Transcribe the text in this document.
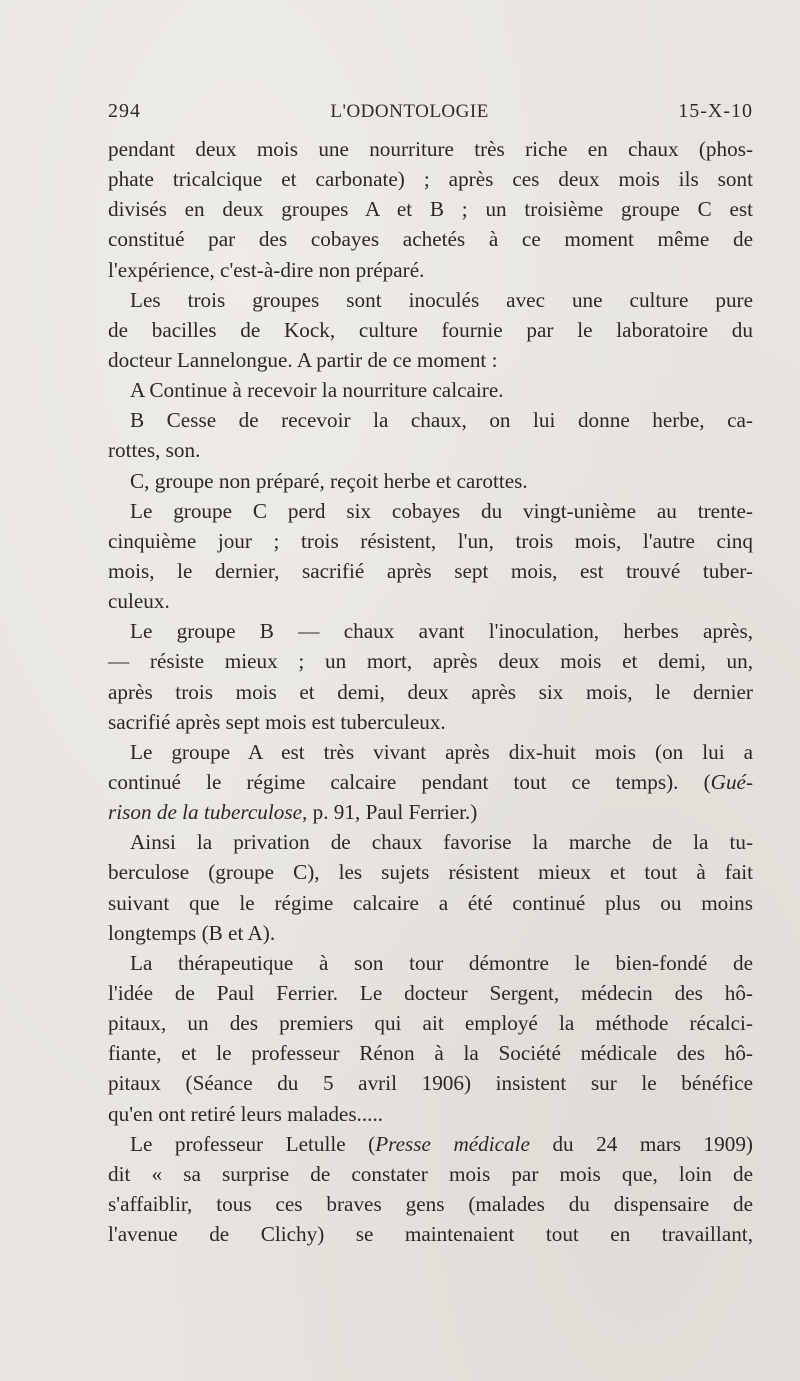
294	L'ODONTOLOGIE	15-X-10
pendant deux mois une nourriture très riche en chaux (phos-
phate tricalcique et carbonate) ; après ces deux mois ils sont
divisés en deux groupes A et B ; un troisième groupe C est
constitué par des cobayes achetés à ce moment même de
l'expérience, c'est-à-dire non préparé.
Les trois groupes sont inoculés avec une culture pure
de bacilles de Kock, culture fournie par le laboratoire du
docteur Lannelongue. A partir de ce moment :
A Continue à recevoir la nourriture calcaire.
B Cesse de recevoir la chaux, on lui donne herbe, ca-
rottes, son.
C, groupe non préparé, reçoit herbe et carottes.
Le groupe C perd six cobayes du vingt-unième au trente-
cinquième jour ; trois résistent, l'un, trois mois, l'autre cinq
mois, le dernier, sacrifié après sept mois, est trouvé tuber-
culeux.
Le groupe B — chaux avant l'inoculation, herbes après,
— résiste mieux ; un mort, après deux mois et demi, un,
après trois mois et demi, deux après six mois, le dernier
sacrifié après sept mois est tuberculeux.
Le groupe A est très vivant après dix-huit mois (on lui a
continué le régime calcaire pendant tout ce temps). (Gué-
rison de la tuberculose, p. 91, Paul Ferrier.)
Ainsi la privation de chaux favorise la marche de la tu-
berculose (groupe C), les sujets résistent mieux et tout à fait
suivant que le régime calcaire a été continué plus ou moins
longtemps (B et A).
La thérapeutique à son tour démontre le bien-fondé de
l'idée de Paul Ferrier. Le docteur Sergent, médecin des hô-
pitaux, un des premiers qui ait employé la méthode récalci-
fiante, et le professeur Rénon à la Société médicale des hô-
pitaux (Séance du 5 avril 1906) insistent sur le bénéfice
qu'en ont retiré leurs malades.....
Le professeur Letulle (Presse médicale du 24 mars 1909)
dit « sa surprise de constater mois par mois que, loin de
s'affaiblir, tous ces braves gens (malades du dispensaire de
l'avenue de Clichy) se maintenaient tout en travaillant,
